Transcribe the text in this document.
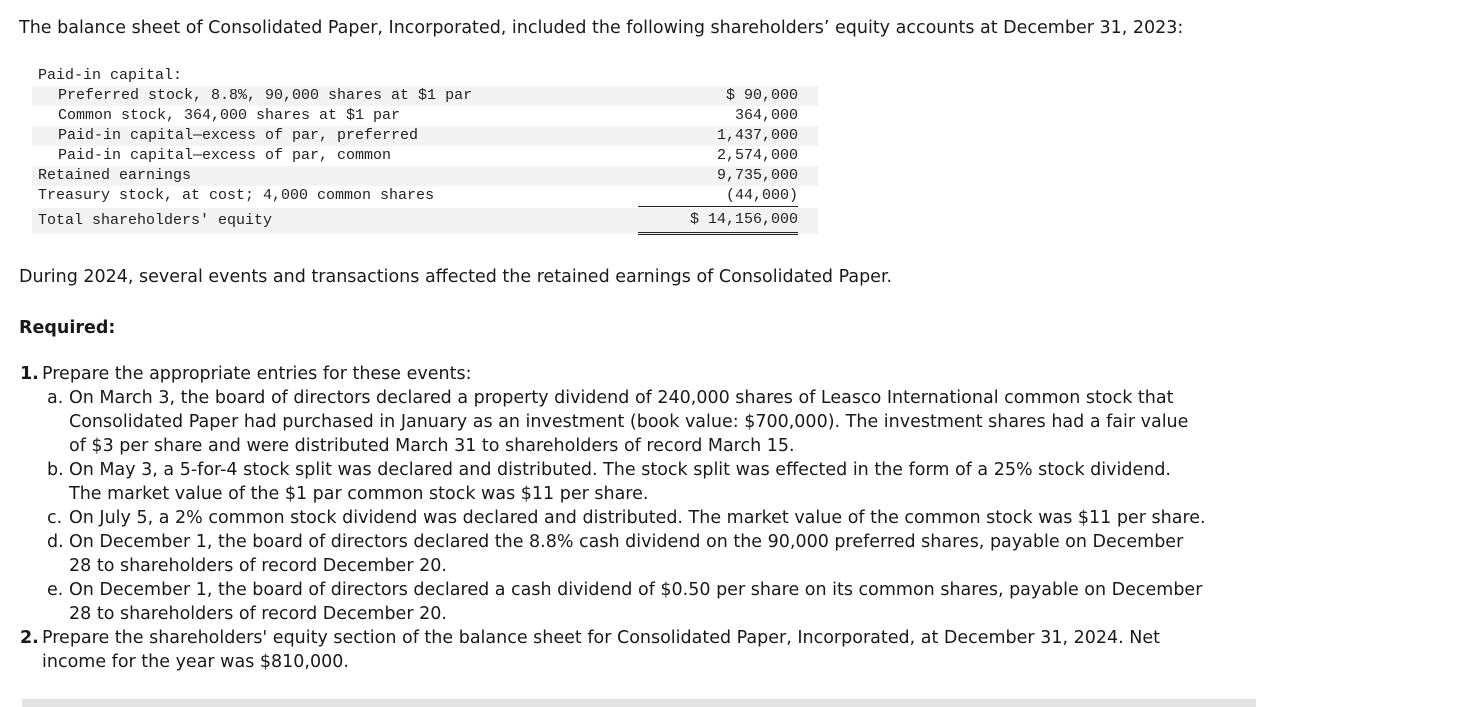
The balance sheet of Consolidated Paper, Incorporated, included the following shareholders’ equity accounts at December 31, 2023:
Paid-in capital:
Preferred stock, 8.8%, 90,000 shares at $1 par	$ 90,000
Common stock, 364,000 shares at $1 par	364,000
Paid-in capital—excess of par, preferred	1,437,000
Paid-in capital—excess of par, common	2,574,000
Retained earnings	9,735,000
Treasury stock, at cost; 4,000 common shares	(44,000)
Total shareholders' equity	$ 14,156,000
During 2024, several events and transactions affected the retained earnings of Consolidated Paper.
Required:
1. Prepare the appropriate entries for these events:
a. On March 3, the board of directors declared a property dividend of 240,000 shares of Leasco International common stock that
Consolidated Paper had purchased in January as an investment (book value: $700,000). The investment shares had a fair value
of $3 per share and were distributed March 31 to shareholders of record March 15.
b. On May 3, a 5-for-4 stock split was declared and distributed. The stock split was effected in the form of a 25% stock dividend.
The market value of the $1 par common stock was $11 per share.
c. On July 5, a 2% common stock dividend was declared and distributed. The market value of the common stock was $11 per share.
d. On December 1, the board of directors declared the 8.8% cash dividend on the 90,000 preferred shares, payable on December
28 to shareholders of record December 20.
e. On December 1, the board of directors declared a cash dividend of $0.50 per share on its common shares, payable on December
28 to shareholders of record December 20.
2. Prepare the shareholders' equity section of the balance sheet for Consolidated Paper, Incorporated, at December 31, 2024. Net
income for the year was $810,000.
